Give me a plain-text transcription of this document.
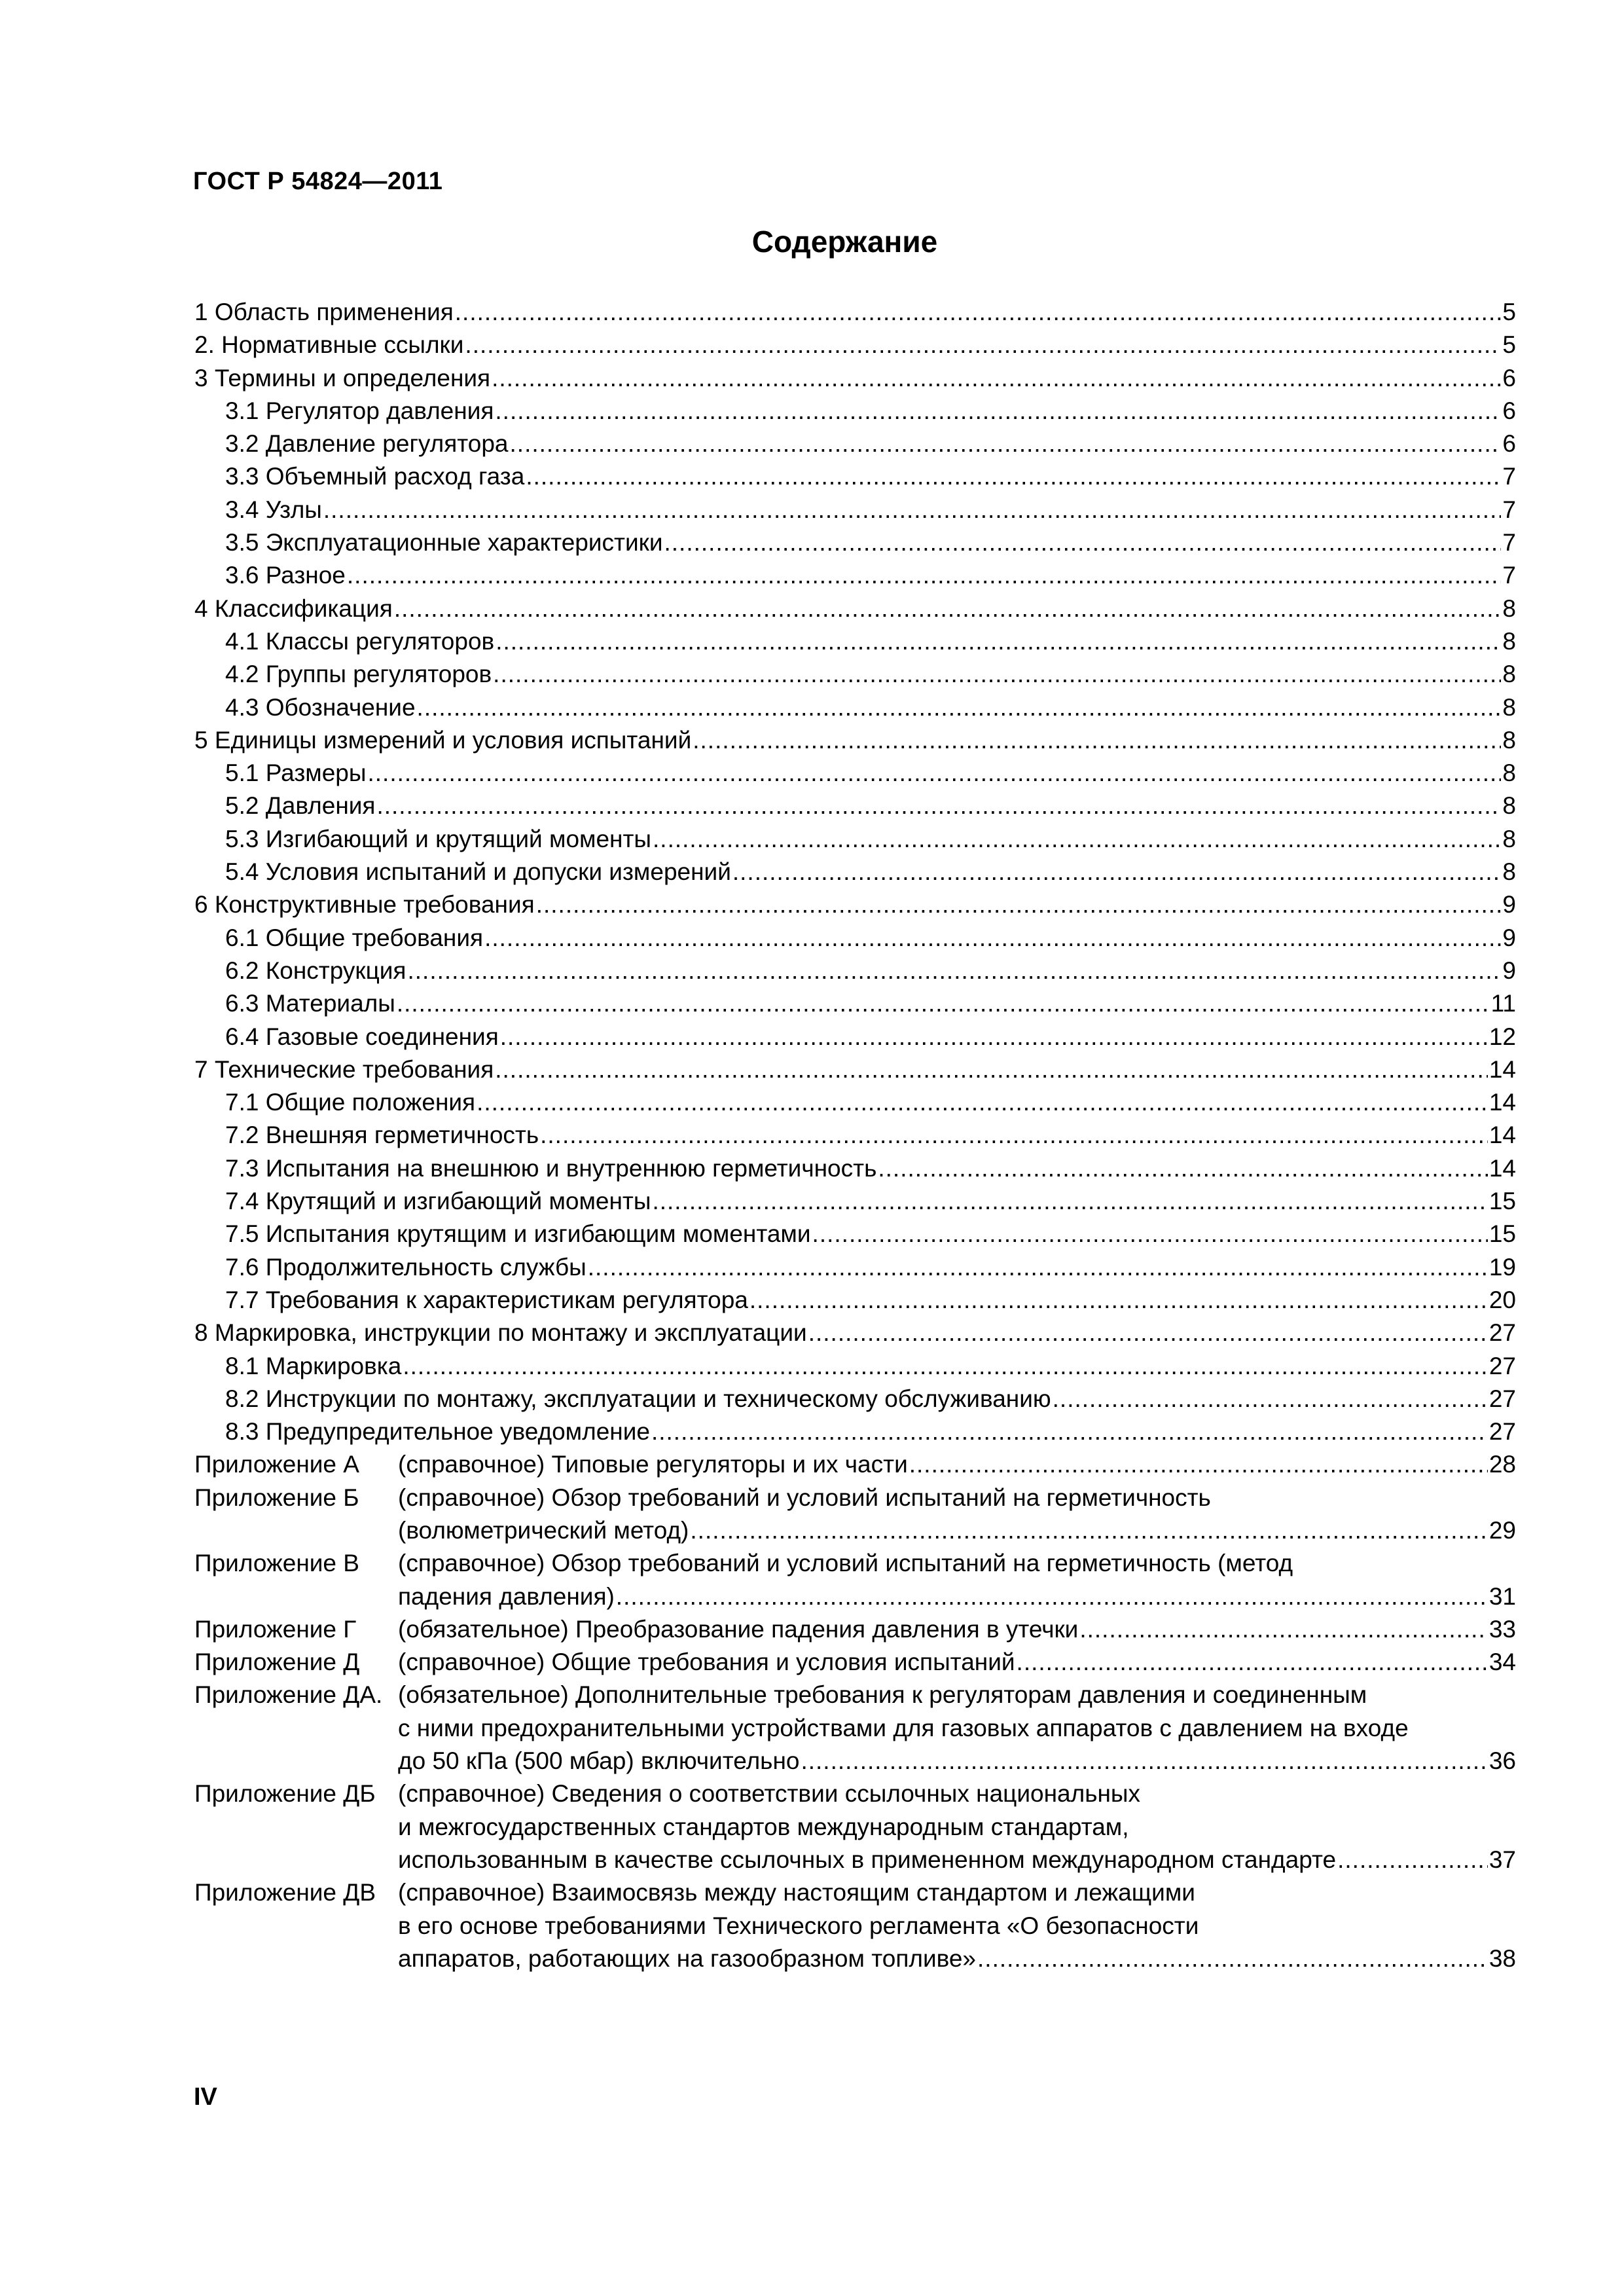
ГОСТ Р 54824—2011
Содержание
1 Область применения .....	5
2. Нормативные ссылки .....	5
3 Термины и определения .....	6
3.1 Регулятор давления .....	6
3.2 Давление регулятора .....	6
3.3 Объемный расход газа .....	7
3.4 Узлы .....	7
3.5 Эксплуатационные характеристики .....	7
3.6 Разное .....	7
4 Классификация .....	8
4.1 Классы регуляторов .....	8
4.2 Группы регуляторов .....	8
4.3 Обозначение .....	8
5 Единицы измерений и условия испытаний .....	8
5.1 Размеры .....	8
5.2 Давления .....	8
5.3 Изгибающий и крутящий моменты .....	8
5.4 Условия испытаний и допуски измерений .....	8
6 Конструктивные требования .....	9
6.1 Общие требования .....	9
6.2 Конструкция .....	9
6.3 Материалы .....	11
6.4 Газовые соединения .....	12
7 Технические требования .....	14
7.1 Общие положения .....	14
7.2 Внешняя герметичность .....	14
7.3 Испытания на внешнюю и внутреннюю герметичность .....	14
7.4 Крутящий и изгибающий моменты .....	15
7.5 Испытания крутящим и изгибающим моментами .....	15
7.6 Продолжительность службы .....	19
7.7 Требования к характеристикам регулятора .....	20
8 Маркировка, инструкции по монтажу и эксплуатации .....	27
8.1 Маркировка .....	27
8.2 Инструкции по монтажу, эксплуатации и техническому обслуживанию .....	27
8.3 Предупредительное уведомление .....	27
Приложение А	(справочное) Типовые регуляторы и их части .....	28
Приложение Б	(справочное) Обзор требований и условий испытаний на герметичность
(волюметрический метод) .....	29
Приложение В	(справочное) Обзор требований и условий испытаний на герметичность (метод
падения давления) .....	31
Приложение Г	(обязательное) Преобразование падения давления в утечки .....	33
Приложение Д	(справочное) Общие требования и условия испытаний .....	34
Приложение ДА. (обязательное) Дополнительные требования к регуляторам давления и соединенным
с ними предохранительными устройствами для газовых аппаратов с давлением на входе
до 50 кПа (500 мбар) включительно .....	36
Приложение ДБ (справочное) Сведения о соответствии ссылочных национальных
и межгосударственных стандартов международным стандартам,
использованным в качестве ссылочных в примененном международном стандарте .....	37
Приложение ДВ (справочное) Взаимосвязь между настоящим стандартом и лежащими
в его основе требованиями Технического регламента «О безопасности
аппаратов, работающих на газообразном топливе» .....	38
IV
